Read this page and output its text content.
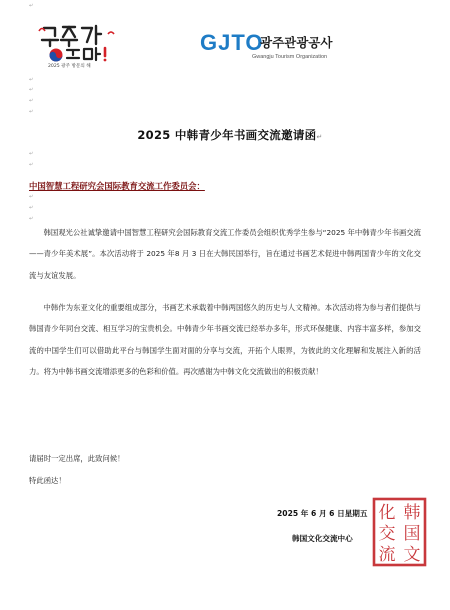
↵
↵
↵
↵
↵
↵
↵
↵
↵
↵
2025 광주 방문의 해
GJTO
광주관광공사
Gwangju Tourism Organization
2025 中韩青少年书画交流邀请函↵
中国智慧工程研究会国际教育交流工作委员会：

韩国观光公社诚挚邀请中国智慧工程研究会国际教育交流工作委员会组织优秀学生参与“2025 年中韩青少年书画交流——青少年美术展”。本次活动将于 2025 年8 月 3 日在大韩民国举行，旨在通过书画艺术促进中韩两国青少年的文化交流与友谊发展。

中韩作为东亚文化的重要组成部分，书画艺术承载着中韩两国悠久的历史与人文精神。本次活动将为参与者们提供与韩国青少年同台交流、相互学习的宝贵机会。中韩青少年书画交流已经举办多年，形式环保健康、内容丰富多样，参加交流的中国学生们可以借助此平台与韩国学生面对面的分享与交流，开拓个人眼界，为彼此的文化理解和发展注入新的活力。将为中韩书画交流增添更多的色彩和价值。再次感谢为中韩文化交流做出的积极贡献！

请届时一定出席，此致问候！
特此函达！
2025 年 6 月 6 日星期五
韩国文化交流中心
韩
国
文
化
交
流
